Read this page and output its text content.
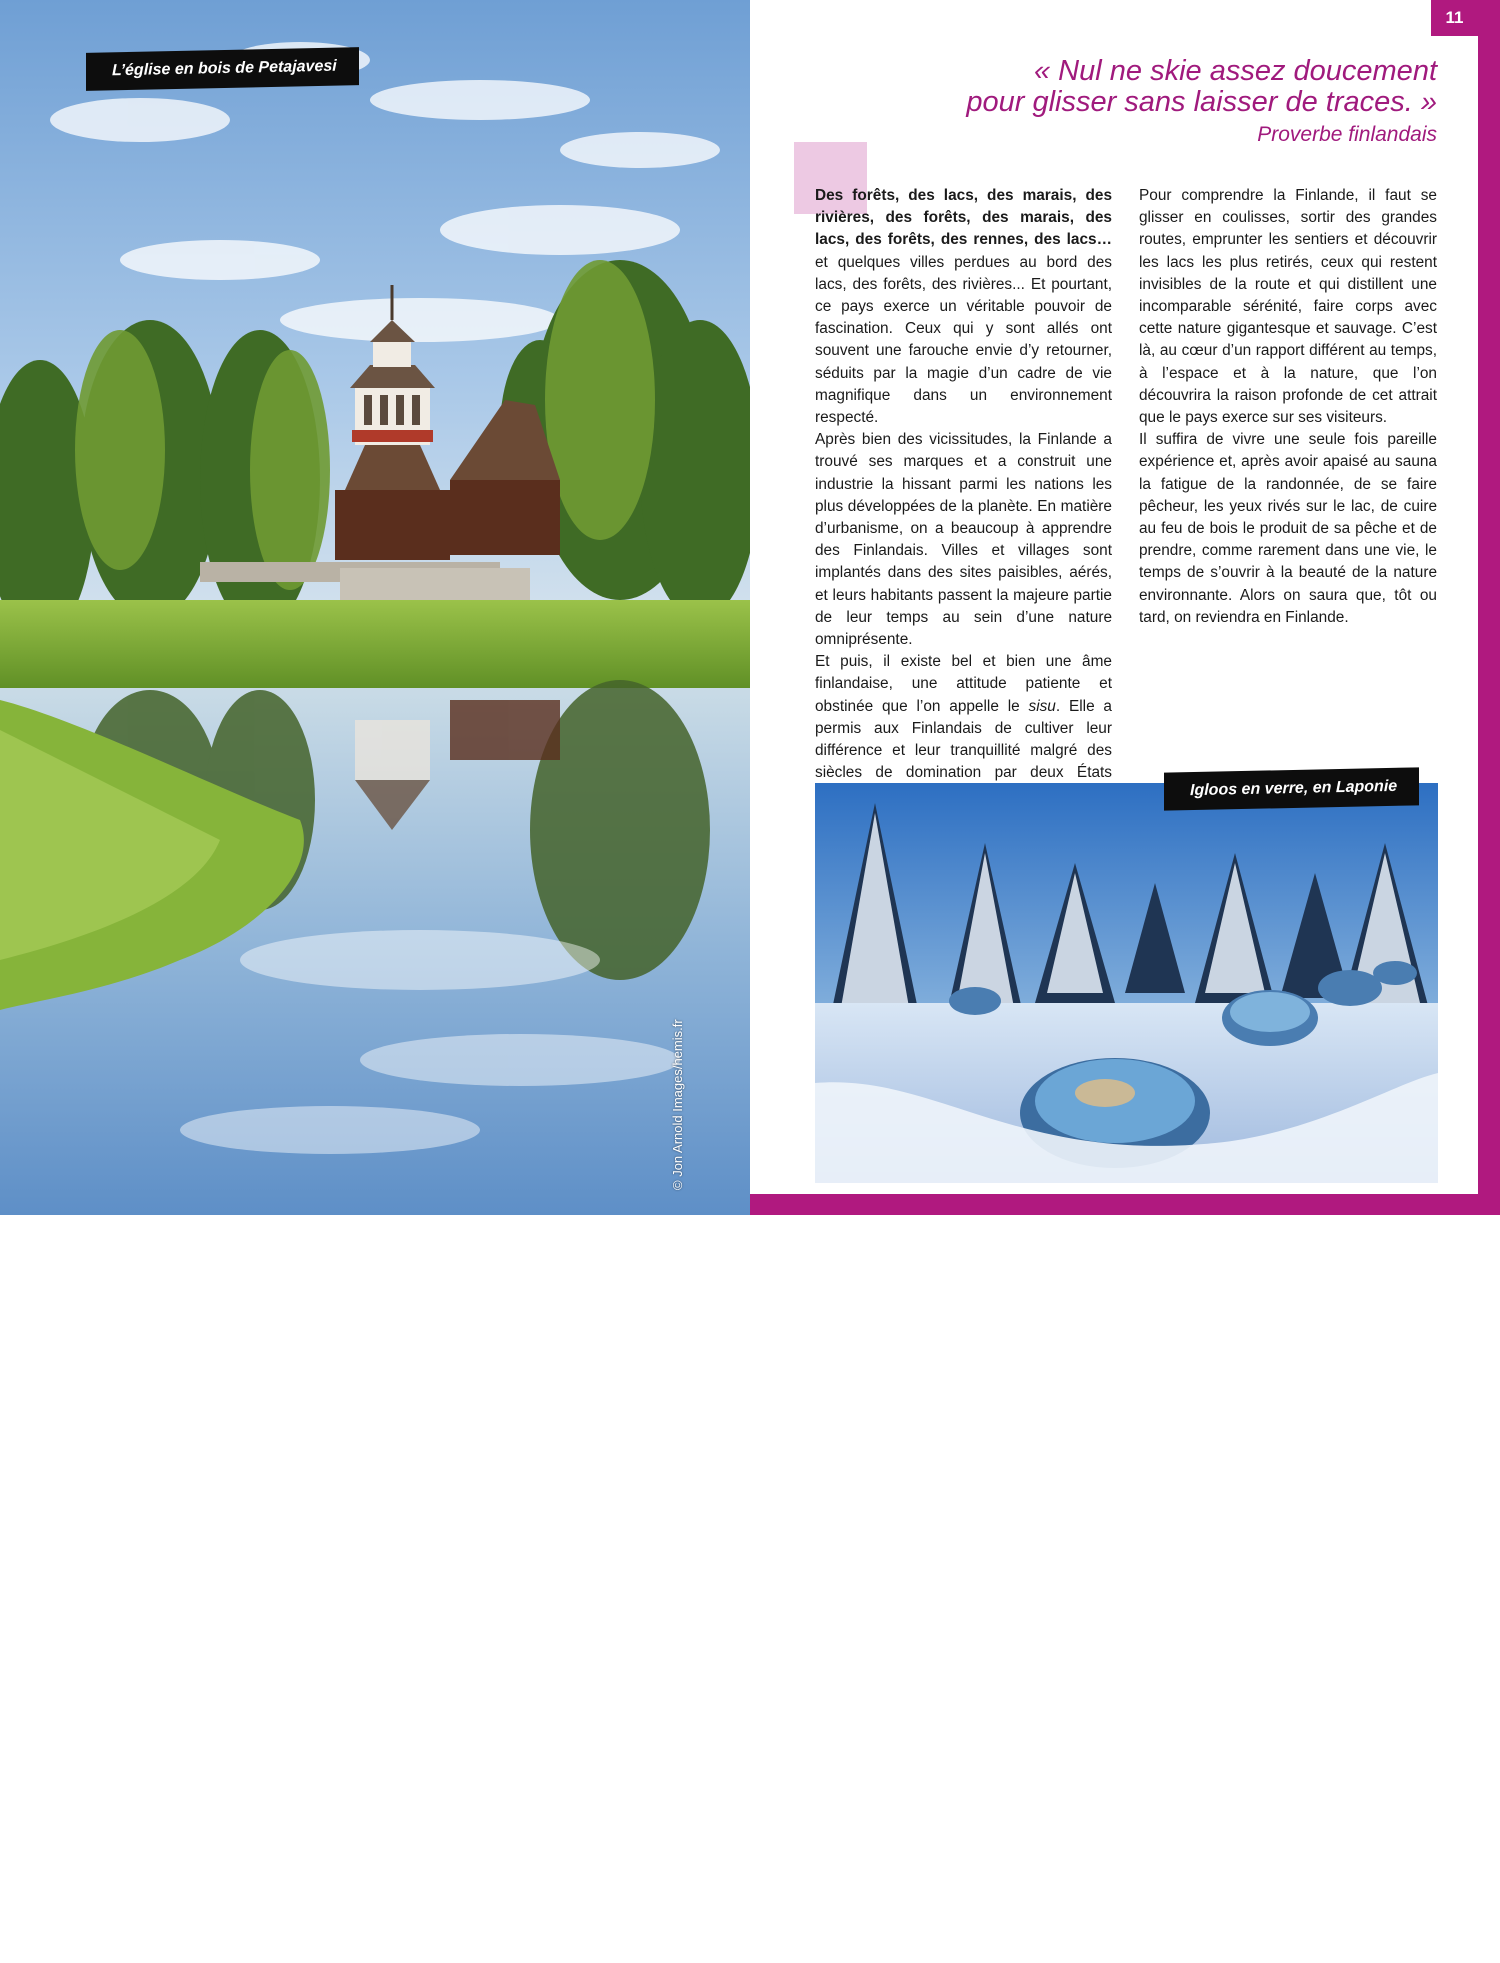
L’église en bois de Petajavesi
© Jon Arnold Images/hemis.fr
11
« Nul ne skie assez doucement
pour glisser sans laisser de traces. »
Proverbe finlandais

Des forêts, des lacs, des marais, des rivières, des forêts, des marais, des lacs, des forêts, des rennes, des lacs… et quelques villes perdues au bord des lacs, des forêts, des rivières... Et pourtant, ce pays exerce un véritable pouvoir de fascination. Ceux qui y sont allés ont souvent une farouche envie d’y retourner, séduits par la magie d’un cadre de vie magnifique dans un environnement respecté.

Après bien des vicissitudes, la Finlande a trouvé ses marques et a construit une industrie la hissant parmi les nations les plus développées de la planète. En matière d’urbanisme, on a beaucoup à apprendre des Finlandais. Villes et villages sont implantés dans des sites paisibles, aérés, et leurs habitants passent la majeure partie de leur temps au sein d’une nature omniprésente.

Et puis, il existe bel et bien une âme finlandaise, une attitude patiente et obstinée que l’on appelle le sisu. Elle a permis aux Finlandais de cultiver leur différence et leur tranquillité malgré des siècles de domination par deux États

Pour comprendre la Finlande, il faut se glisser en coulisses, sortir des grandes routes, emprunter les sentiers et découvrir les lacs les plus retirés, ceux qui restent invisibles de la route et qui distillent une incomparable sérénité, faire corps avec cette nature gigantesque et sauvage. C’est là, au cœur d’un rapport différent au temps, à l’espace et à la nature, que l’on découvrira la raison profonde de cet attrait que le pays exerce sur ses visiteurs.

Il suffira de vivre une seule fois pareille expérience et, après avoir apaisé au sauna la fatigue de la randonnée, de se faire pêcheur, les yeux rivés sur le lac, de cuire au feu de bois le produit de sa pêche et de prendre, comme rarement dans une vie, le temps de s’ouvrir à la beauté de la nature environnante. Alors on saura que, tôt ou tard, on reviendra en Finlande.

© Kakslauttanen Arctic Resort, Saariselka, Finland ©Valtteri Hirvonen
Igloos en verre, en Laponie
